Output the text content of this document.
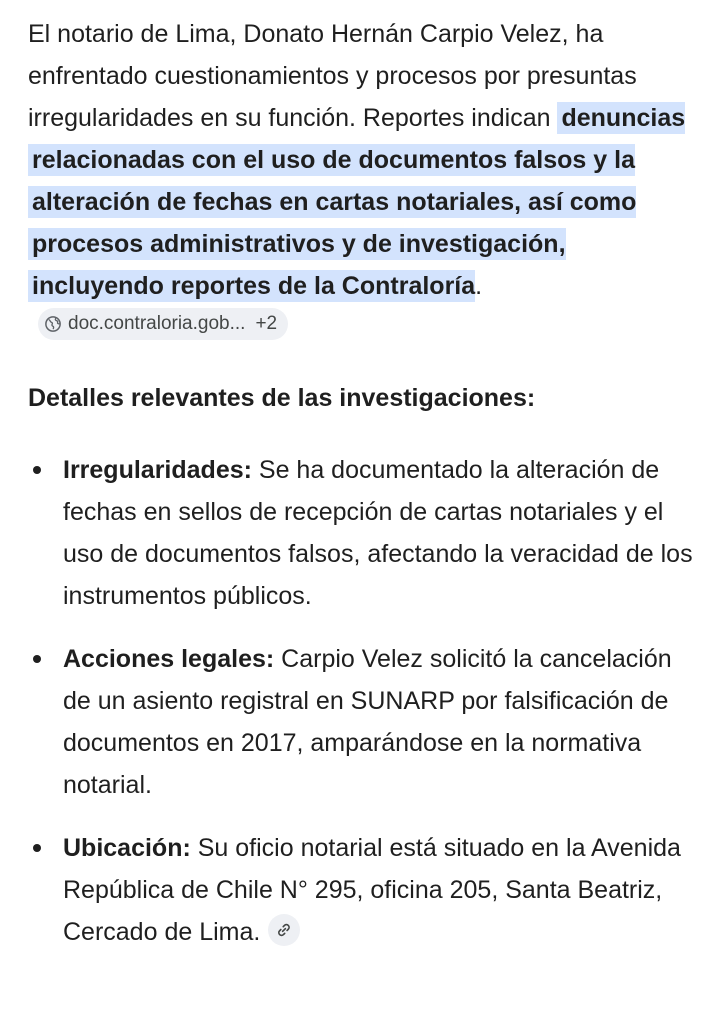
El notario de Lima, Donato Hernán Carpio Velez, ha enfrentado cuestionamientos y procesos por presuntas irregularidades en su función. Reportes indican denuncias relacionadas con el uso de documentos falsos y la alteración de fechas en cartas notariales, así como procesos administrativos y de investigación, incluyendo reportes de la Contraloría.
doc.contraloria.gob... +2

Detalles relevantes de las investigaciones:

Irregularidades: Se ha documentado la alteración de fechas en sellos de recepción de cartas notariales y el uso de documentos falsos, afectando la veracidad de los instrumentos públicos.
Acciones legales: Carpio Velez solicitó la cancelación de un asiento registral en SUNARP por falsificación de documentos en 2017, amparándose en la normativa notarial.
Ubicación: Su oficio notarial está situado en la Avenida República de Chile N° 295, oficina 205, Santa Beatriz, Cercado de Lima.
